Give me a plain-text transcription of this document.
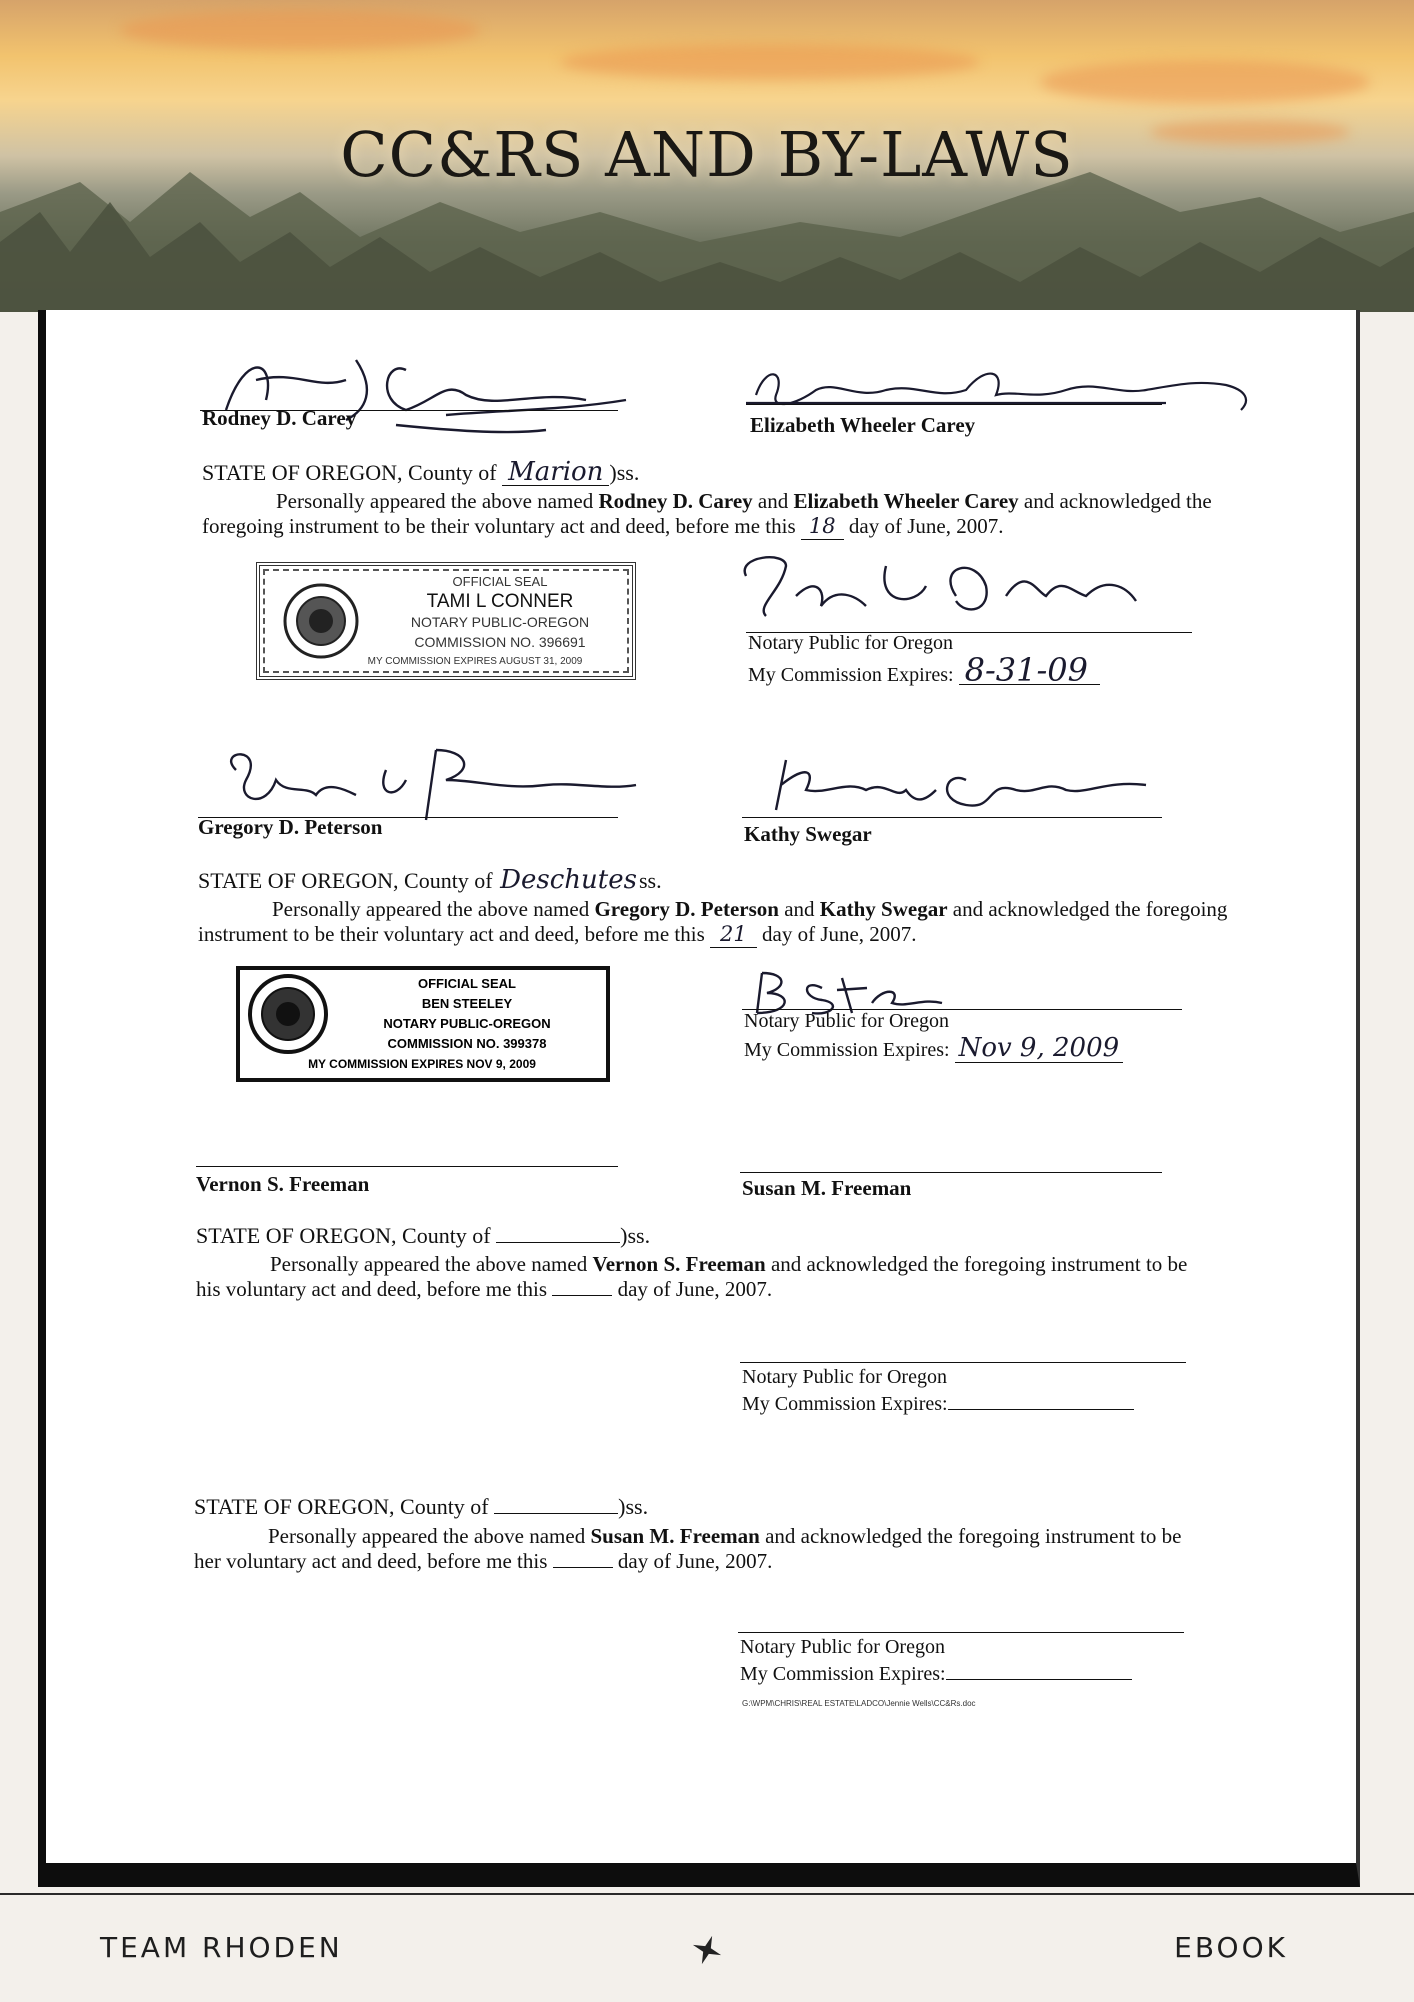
CC&RS AND BY-LAWS
Rodney D. Carey	Elizabeth Wheeler Carey
STATE OF OREGON, County of Marion )ss.
Personally appeared the above named Rodney D. Carey and Elizabeth Wheeler Carey and acknowledged the foregoing instrument to be their voluntary act and deed, before me this 18 day of June, 2007.
OFFICIAL SEAL
TAMI L CONNER
NOTARY PUBLIC-OREGON
COMMISSION NO. 396691
MY COMMISSION EXPIRES AUGUST 31, 2009
Notary Public for Oregon
My Commission Expires: 8-31-09
Gregory D. Peterson	Kathy Swegar
STATE OF OREGON, County of Deschutesss.
Personally appeared the above named Gregory D. Peterson and Kathy Swegar and acknowledged the foregoing instrument to be their voluntary act and deed, before me this 21 day of June, 2007.
OFFICIAL SEAL
BEN STEELEY
NOTARY PUBLIC-OREGON
COMMISSION NO. 399378
MY COMMISSION EXPIRES NOV 9, 2009
Notary Public for Oregon
My Commission Expires: Nov 9, 2009
Vernon S. Freeman	Susan M. Freeman
STATE OF OREGON, County of	)ss.
Personally appeared the above named Vernon S. Freeman and acknowledged the foregoing instrument to be his voluntary act and deed, before me this	day of June, 2007.
Notary Public for Oregon
My Commission Expires:
STATE OF OREGON, County of	)ss.
Personally appeared the above named Susan M. Freeman and acknowledged the foregoing instrument to be her voluntary act and deed, before me this	day of June, 2007.
Notary Public for Oregon
My Commission Expires:
G:\WPM\CHRIS\REAL ESTATE\LADCO\Jennie Wells\CC&Rs.doc
TEAM RHODEN	EBOOK
